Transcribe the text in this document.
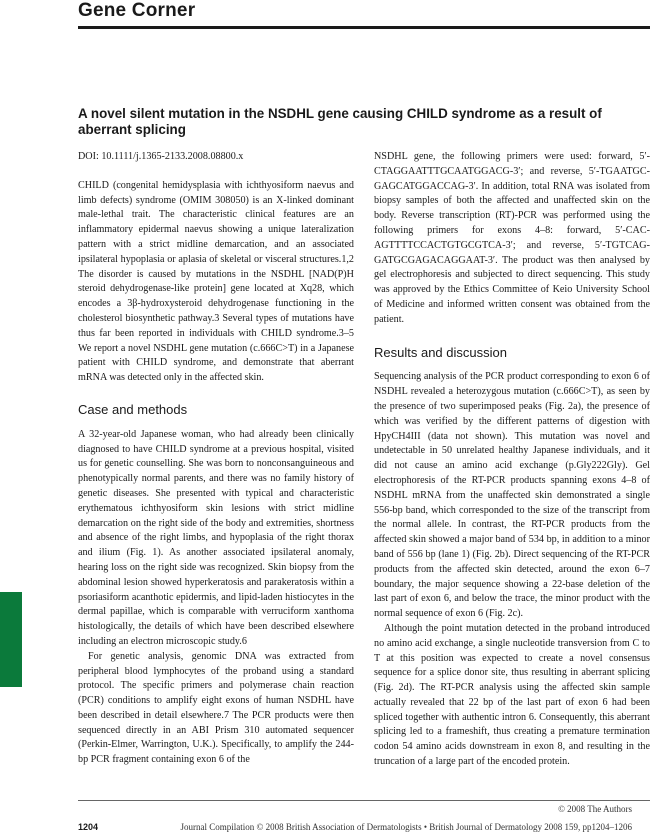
Gene Corner
A novel silent mutation in the NSDHL gene causing CHILD syndrome as a result of aberrant splicing

DOI: 10.1111/j.1365-2133.2008.08800.x

CHILD (congenital hemidysplasia with ichthyosiform naevus and limb defects) syndrome (OMIM 308050) is an X-linked dominant male-lethal trait. The characteristic clinical features are an inflammatory epidermal naevus showing a unique lateralization pattern with a strict midline demarcation, and an associated ipsilateral hypoplasia or aplasia of skeletal or visceral structures.1,2 The disorder is caused by mutations in the NSDHL [NAD(P)H steroid dehydrogenase-like protein] gene located at Xq28, which encodes a 3β-hydroxysteroid dehydrogenase functioning in the cholesterol biosynthetic pathway.3 Several types of mutations have thus far been reported in individuals with CHILD syndrome.3–5 We report a novel NSDHL gene mutation (c.666C>T) in a Japanese patient with CHILD syndrome, and demonstrate that aberrant mRNA was detected only in the affected skin.

Case and methods

A 32-year-old Japanese woman, who had already been clinically diagnosed to have CHILD syndrome at a previous hospital, visited us for genetic counselling. She was born to nonconsanguineous and phenotypically normal parents, and there was no family history of genetic diseases. She presented with typical and characteristic erythematous ichthyosiform skin lesions with strict midline demarcation on the right side of the body and extremities, shortness and absence of the right limbs, and hypoplasia of the right thorax and ilium (Fig. 1). As another associated ipsilateral anomaly, hearing loss on the right side was recognized. Skin biopsy from the abdominal lesion showed hyperkeratosis and parakeratosis within a psoriasiform acanthotic epidermis, and lipid-laden histiocytes in the dermal papillae, which is comparable with verruciform xanthoma histologically, the details of which have been described elsewhere including an electron microscopic study.6

For genetic analysis, genomic DNA was extracted from peripheral blood lymphocytes of the proband using a standard protocol. The specific primers and polymerase chain reaction (PCR) conditions to amplify eight exons of human NSDHL have been described in detail elsewhere.7 The PCR products were then sequenced directly in an ABI Prism 310 automated sequencer (Perkin-Elmer, Warrington, U.K.). Specifically, to amplify the 244-bp PCR fragment containing exon 6 of the

NSDHL gene, the following primers were used: forward, 5′-CTAGGAATTTGCAATGGACG-3′; and reverse, 5′-TGAATGC-GAGCATGGACCAG-3′. In addition, total RNA was isolated from biopsy samples of both the affected and unaffected skin on the body. Reverse transcription (RT)-PCR was performed using the following primers for exons 4–8: forward, 5′-CAC-AGTTTTCCACTGTGCGTCA-3′; and reverse, 5′-TGTCAG-GATGCGAGACAGGAAT-3′. The product was then analysed by gel electrophoresis and subjected to direct sequencing. This study was approved by the Ethics Committee of Keio University School of Medicine and informed written consent was obtained from the patient.

Results and discussion

Sequencing analysis of the PCR product corresponding to exon 6 of NSDHL revealed a heterozygous mutation (c.666C>T), as seen by the presence of two superimposed peaks (Fig. 2a), the presence of which was verified by the different patterns of digestion with HpyCH4III (data not shown). This mutation was novel and undetectable in 50 unrelated healthy Japanese individuals, and it did not cause an amino acid exchange (p.Gly222Gly). Gel electrophoresis of the RT-PCR products spanning exons 4–8 of NSDHL mRNA from the unaffected skin demonstrated a single 556-bp band, which corresponded to the size of the transcript from the normal allele. In contrast, the RT-PCR products from the affected skin showed a major band of 534 bp, in addition to a minor band of 556 bp (lane 1) (Fig. 2b). Direct sequencing of the RT-PCR products from the affected skin detected, around the exon 6–7 boundary, the major sequence showing a 22-base deletion of the last part of exon 6, and below the trace, the minor product with the normal sequence of exon 6 (Fig. 2c).

Although the point mutation detected in the proband introduced no amino acid exchange, a single nucleotide transversion from C to T at this position was expected to create a novel consensus sequence for a splice donor site, thus resulting in aberrant splicing (Fig. 2d). The RT-PCR analysis using the affected skin sample actually revealed that 22 bp of the last part of exon 6 had been spliced together with authentic intron 6. Consequently, this aberrant splicing led to a frameshift, thus creating a premature termination codon 54 amino acids downstream in exon 8, and resulting in the truncation of a large part of the encoded protein.

© 2008 The Authors
1204	Journal Compilation © 2008 British Association of Dermatologists • British Journal of Dermatology 2008 159, pp1204–1206
